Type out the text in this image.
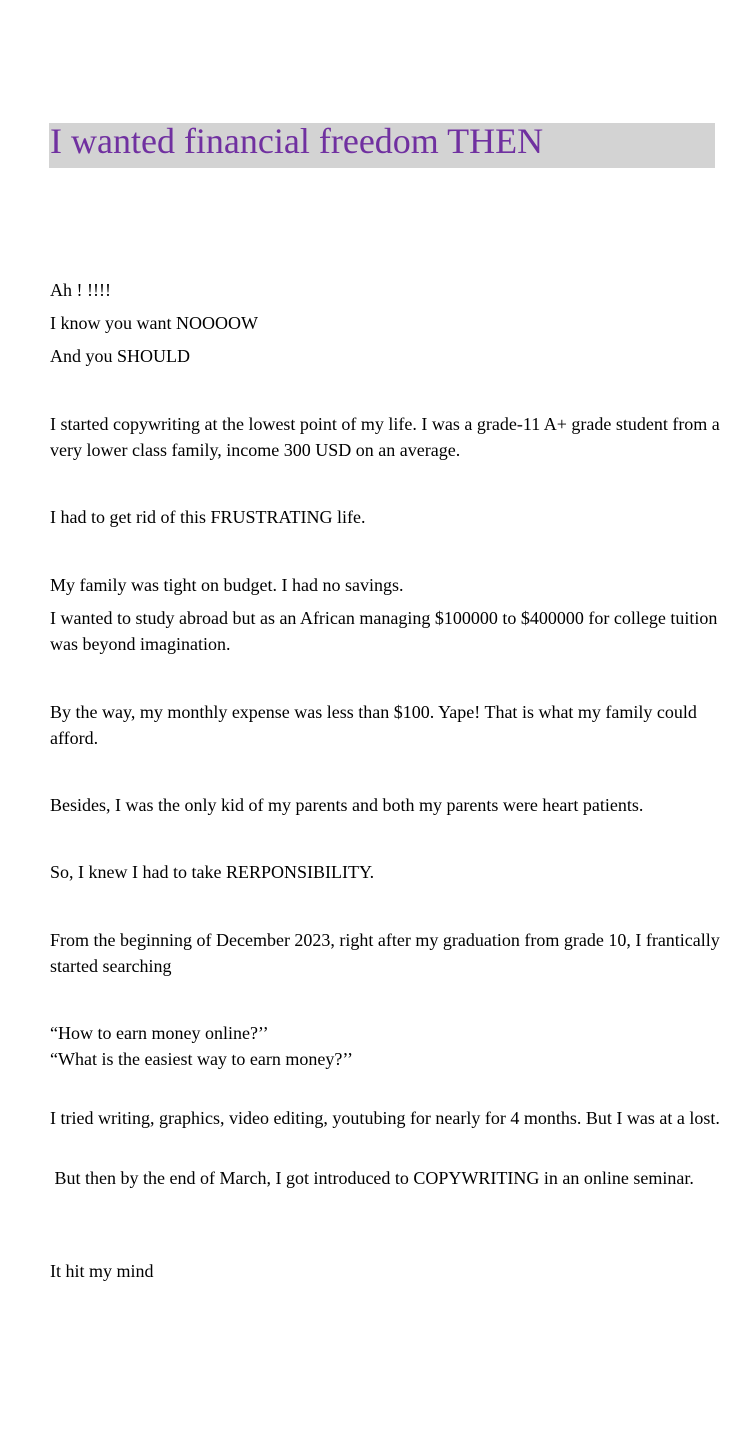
I wanted financial freedom THEN

Ah ! !!!!

I know you want NOOOOW

And you SHOULD

I started copywriting at the lowest point of my life. I was a grade-11 A+ grade student from a very lower class family, income 300 USD on an average.

I had to get rid of this FRUSTRATING life.

My family was tight on budget. I had no savings.

I wanted to study abroad but as an African managing $100000 to $400000 for college tuition was beyond imagination.

By the way, my monthly expense was less than $100. Yape! That is what my family could afford.

Besides, I was the only kid of my parents and both my parents were heart patients.

So, I knew I had to take RERPONSIBILITY.

From the beginning of December 2023, right after my graduation from grade 10, I frantically started searching

“How to earn money online?’’

“What is the easiest way to earn money?’’

I tried writing, graphics, video editing, youtubing for nearly for 4 months. But I was at a lost.

But then by the end of March, I got introduced to COPYWRITING in an online seminar.

It hit my mind
